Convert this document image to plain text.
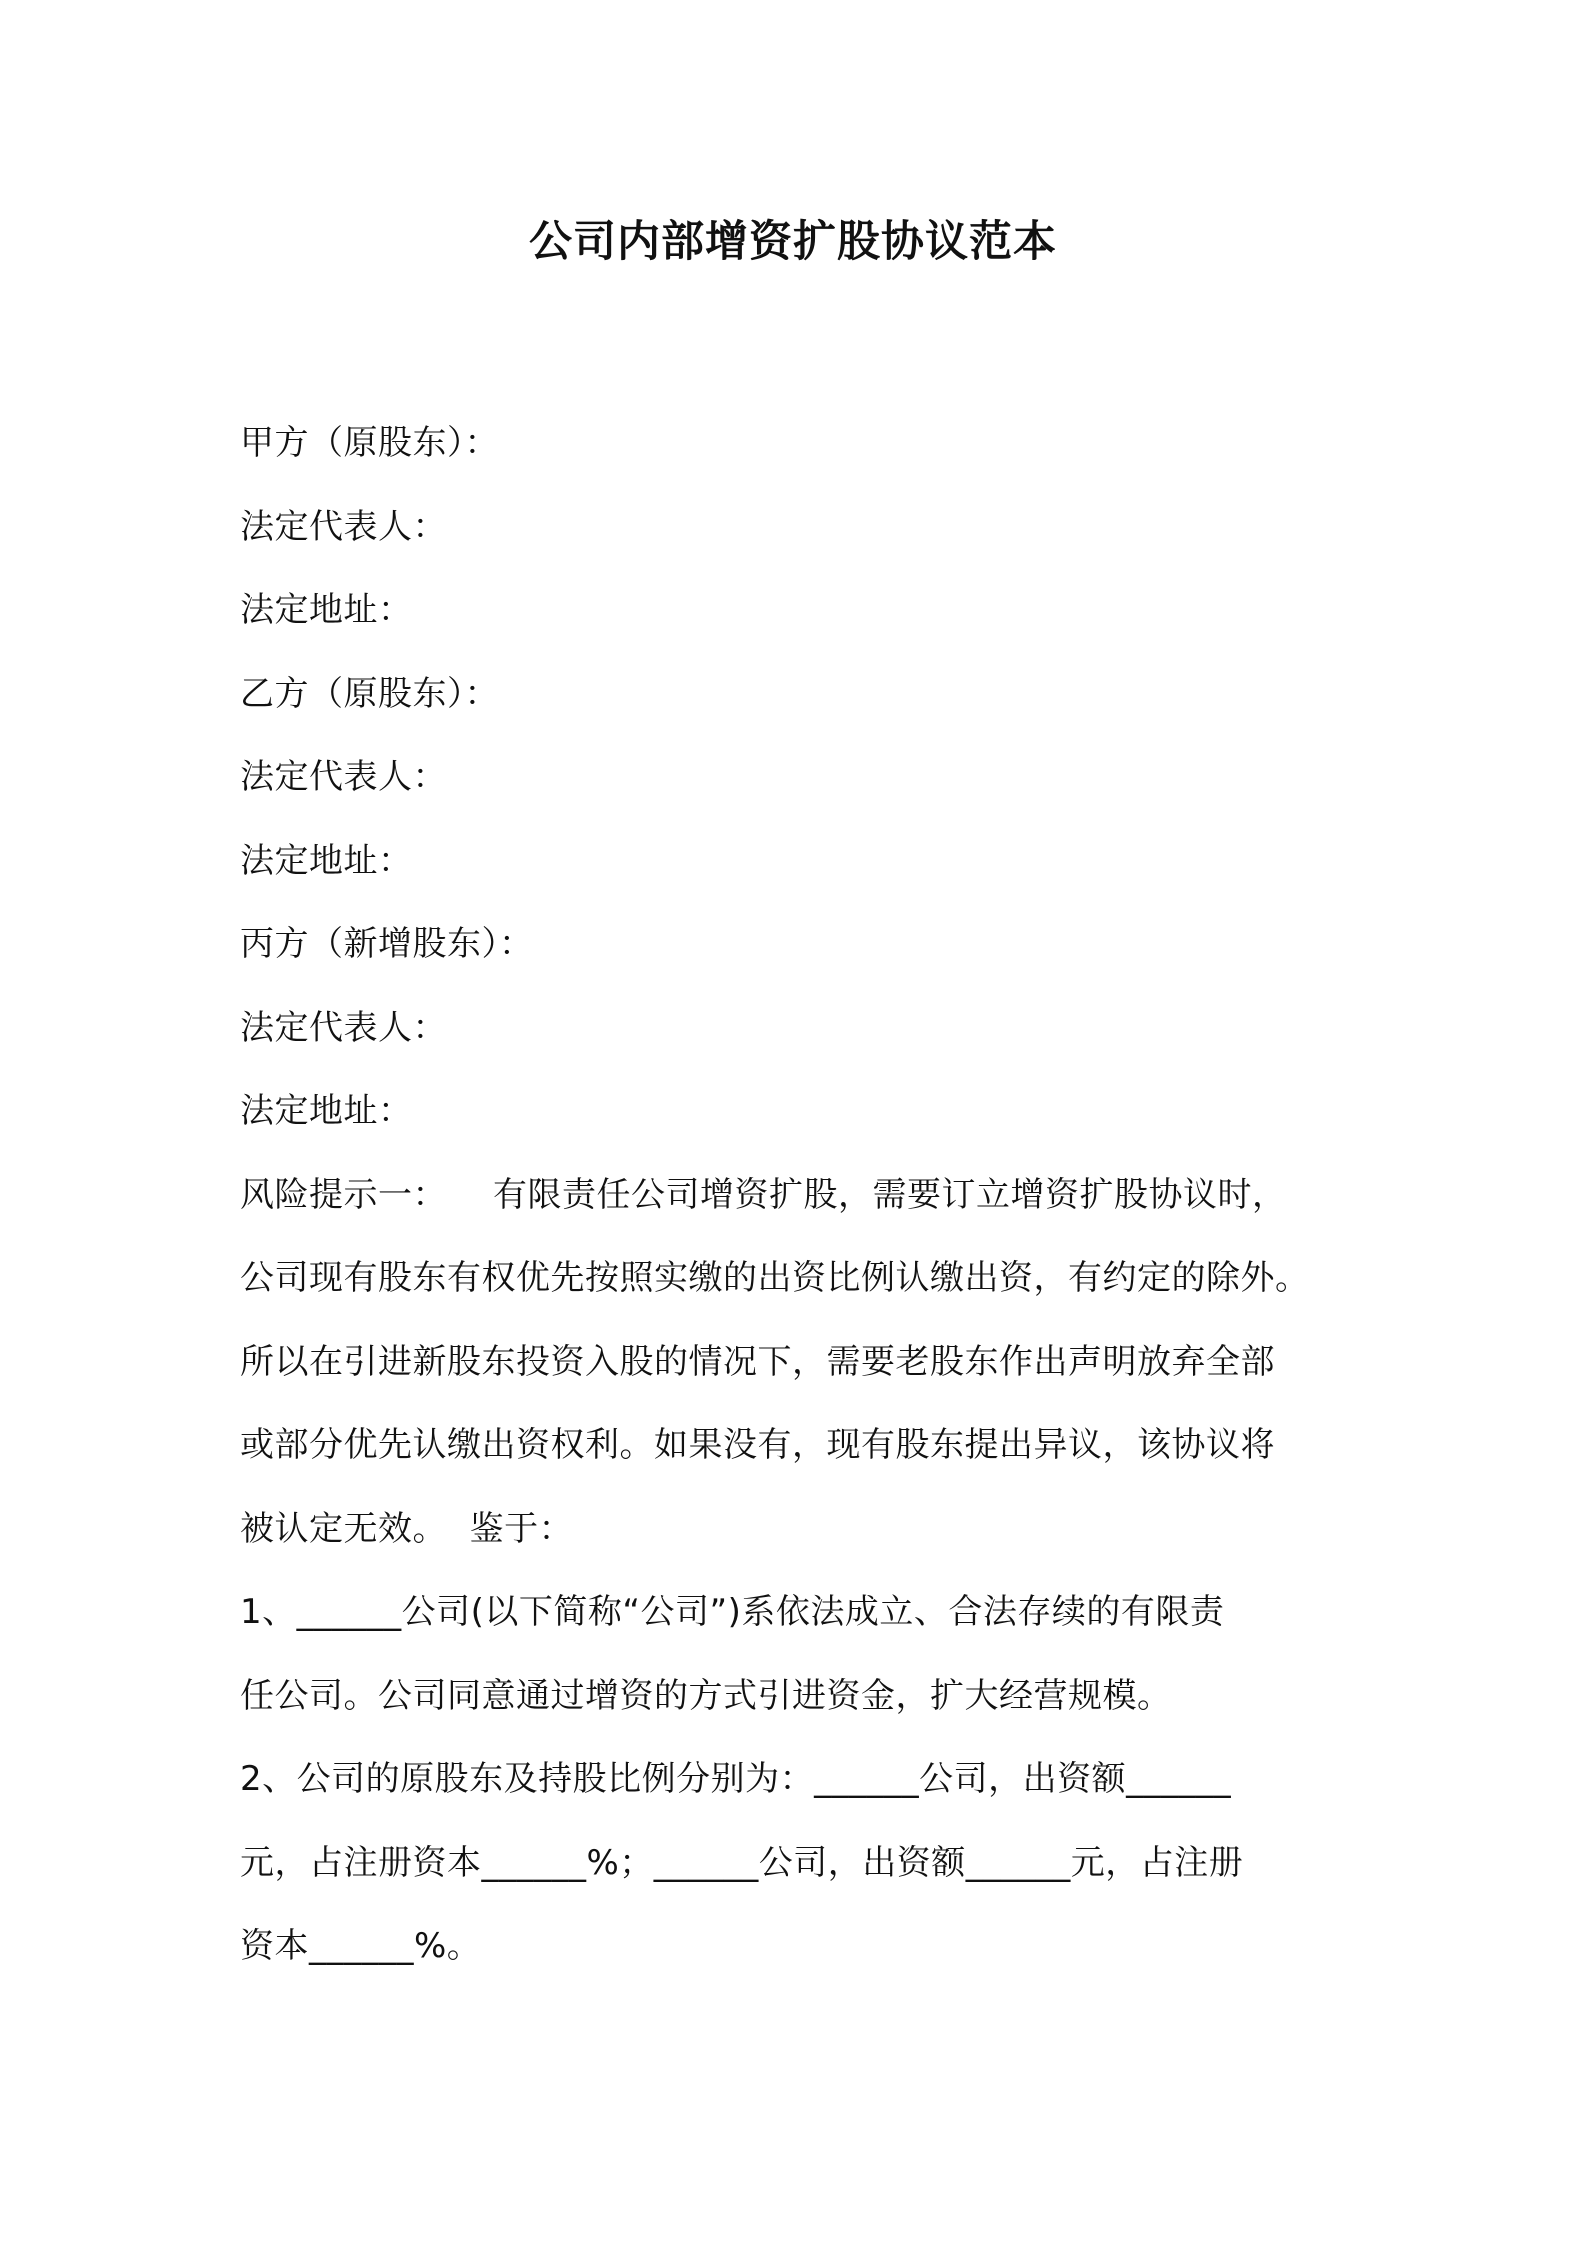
公司内部增资扩股协议范本

甲方（原股东）：

法定代表人：

法定地址：

乙方（原股东）：

法定代表人：

法定地址：

丙方（新增股东）：

法定代表人：

法定地址：

风险提示一： 有限责任公司增资扩股，需要订立增资扩股协议时，

公司现有股东有权优先按照实缴的出资比例认缴出资，有约定的除外。

所以在引进新股东投资入股的情况下，需要老股东作出声明放弃全部

或部分优先认缴出资权利。如果没有，现有股东提出异议，该协议将

被认定无效。  鉴于：

1、______公司(以下简称“公司”)系依法成立、合法存续的有限责

任公司。公司同意通过增资的方式引进资金，扩大经营规模。

2、公司的原股东及持股比例分别为：______公司，出资额______

元，占注册资本______%；______公司，出资额______元，占注册

资本______%。
